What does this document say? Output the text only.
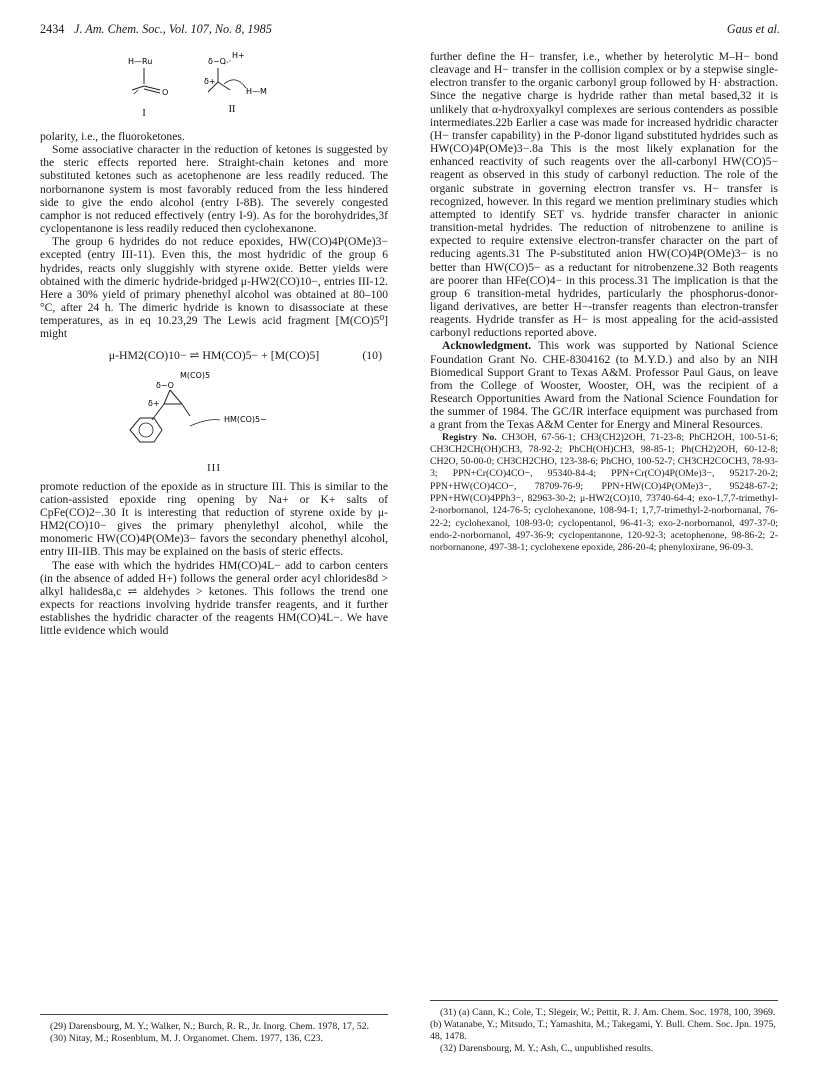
2434 J. Am. Chem. Soc., Vol. 107, No. 8, 1985	Gaus et al.
H—Ru
O
I
δ−O
H+
δ+
H—M
II

polarity, i.e., the fluoroketones.

Some associative character in the reduction of ketones is suggested by the steric effects reported here. Straight-chain ketones and more substituted ketones such as acetophenone are less readily reduced. The norbornanone system is most favorably reduced from the less hindered side to give the endo alcohol (entry I-8B). The severely congested camphor is not reduced effectively (entry I-9). As for the borohydrides,3f cyclopentanone is less readily reduced then cyclohexanone.

The group 6 hydrides do not reduce epoxides, HW(CO)4P(OMe)3− excepted (entry III-11). Even this, the most hydridic of the group 6 hydrides, reacts only sluggishly with styrene oxide. Better yields were obtained with the dimeric hydride-bridged μ-HW2(CO)10−, entries III-12. Here a 30% yield of primary phenethyl alcohol was obtained at 80–100 °C, after 24 h. The dimeric hydride is known to disassociate at these temperatures, as in eq 10.23,29 The Lewis acid fragment [M(CO)5⁰] might

μ-HM2(CO)10− ⇌ HM(CO)5− + [M(CO)5]	(10)
M(CO)5
δ−O
δ+
HM(CO)5−
III

promote reduction of the epoxide as in structure III. This is similar to the cation-assisted epoxide ring opening by Na+ or K+ salts of CpFe(CO)2−.30 It is interesting that reduction of styrene oxide by μ-HM2(CO)10− gives the primary phenylethyl alcohol, while the monomeric HW(CO)4P(OMe)3− favors the secondary phenethyl alcohol, entry III-IIB. This may be explained on the basis of steric effects.

The ease with which the hydrides HM(CO)4L− add to carbon centers (in the absence of added H+) follows the general order acyl chlorides8d > alkyl halides8a,c ⇌ aldehydes > ketones. This follows the trend one expects for reactions involving hydride transfer reagents, and it further establishes the hydridic character of the reagents HM(CO)4L−. We have little evidence which would

further define the H− transfer, i.e., whether by heterolytic M–H− bond cleavage and H− transfer in the collision complex or by a stepwise single-electron transfer to the organic carbonyl group followed by H· abstraction. Since the negative charge is hydride rather than metal based,32 it is unlikely that α-hydroxyalkyl complexes are serious contenders as possible intermediates.22b Earlier a case was made for increased hydridic character (H− transfer capability) in the P-donor ligand substituted hydrides such as HW(CO)4P(OMe)3−.8a This is the most likely explanation for the enhanced reactivity of such reagents over the all-carbonyl HW(CO)5− reagent as observed in this study of carbonyl reduction. The role of the organic substrate in governing electron transfer vs. H− transfer is recognized, however. In this regard we mention preliminary studies which attempted to identify SET vs. hydride transfer character in anionic transition-metal hydrides. The reduction of nitrobenzene to aniline is expected to require extensive electron-transfer character on the part of reducing agents.31 The P-substituted anion HW(CO)4P(OMe)3− is no better than HW(CO)5− as a reductant for nitrobenzene.32 Both reagents are poorer than HFe(CO)4− in this process.31 The implication is that the group 6 transition-metal hydrides, particularly the phosphorus-donor-ligand derivatives, are better H−-transfer reagents than electron-transfer reagents. Hydride transfer as H− is most appealing for the acid-assisted carbonyl reductions reported above.

Acknowledgment. This work was supported by National Science Foundation Grant No. CHE-8304162 (to M.Y.D.) and also by an NIH Biomedical Support Grant to Texas A&M. Professor Paul Gaus, on leave from the College of Wooster, Wooster, OH, was the recipient of a Research Opportunities Award from the National Science Foundation for the summer of 1984. The GC/IR interface equipment was purchased from a grant from the Texas A&M Center for Energy and Mineral Resources.

Registry No. CH3OH, 67-56-1; CH3(CH2)2OH, 71-23-8; PhCH2OH, 100-51-6; CH3CH2CH(OH)CH3, 78-92-2; PhCH(OH)CH3, 98-85-1; Ph(CH2)2OH, 60-12-8; CH2O, 50-00-0; CH3CH2CHO, 123-38-6; PhCHO, 100-52-7; CH3CH2COCH3, 78-93-3; PPN+Cr(CO)4CO−, 95340-84-4; PPN+Cr(CO)4P(OMe)3−, 95217-20-2; PPN+HW(CO)4CO−, 78709-76-9; PPN+HW(CO)4P(OMe)3−, 95248-67-2; PPN+HW(CO)4PPh3−, 82963-30-2; μ-HW2(CO)10, 73740-64-4; exo-1,7,7-trimethyl-2-norbornanol, 124-76-5; cyclohexanone, 108-94-1; 1,7,7-trimethyl-2-norbornanal, 76-22-2; cyclohexanol, 108-93-0; cyclopentanol, 96-41-3; exo-2-norbornanol, 497-37-0; endo-2-norbornanol, 497-36-9; cyclopentanone, 120-92-3; acetophenone, 98-86-2; 2-norbornanone, 497-38-1; cyclohexene epoxide, 286-20-4; phenyloxirane, 96-09-3.

(29) Darensbourg, M. Y.; Walker, N.; Burch, R. R., Jr. Inorg. Chem. 1978, 17, 52.

(30) Nitay, M.; Rosenblum, M. J. Organomet. Chem. 1977, 136, C23.

(31) (a) Cann, K.; Cole, T.; Slegeir, W.; Pettit, R. J. Am. Chem. Soc. 1978, 100, 3969. (b) Watanabe, Y.; Mitsudo, T.; Yamashita, M.; Takegami, Y. Bull. Chem. Soc. Jpn. 1975, 48, 1478.

(32) Darensbourg, M. Y.; Ash, C., unpublished results.
